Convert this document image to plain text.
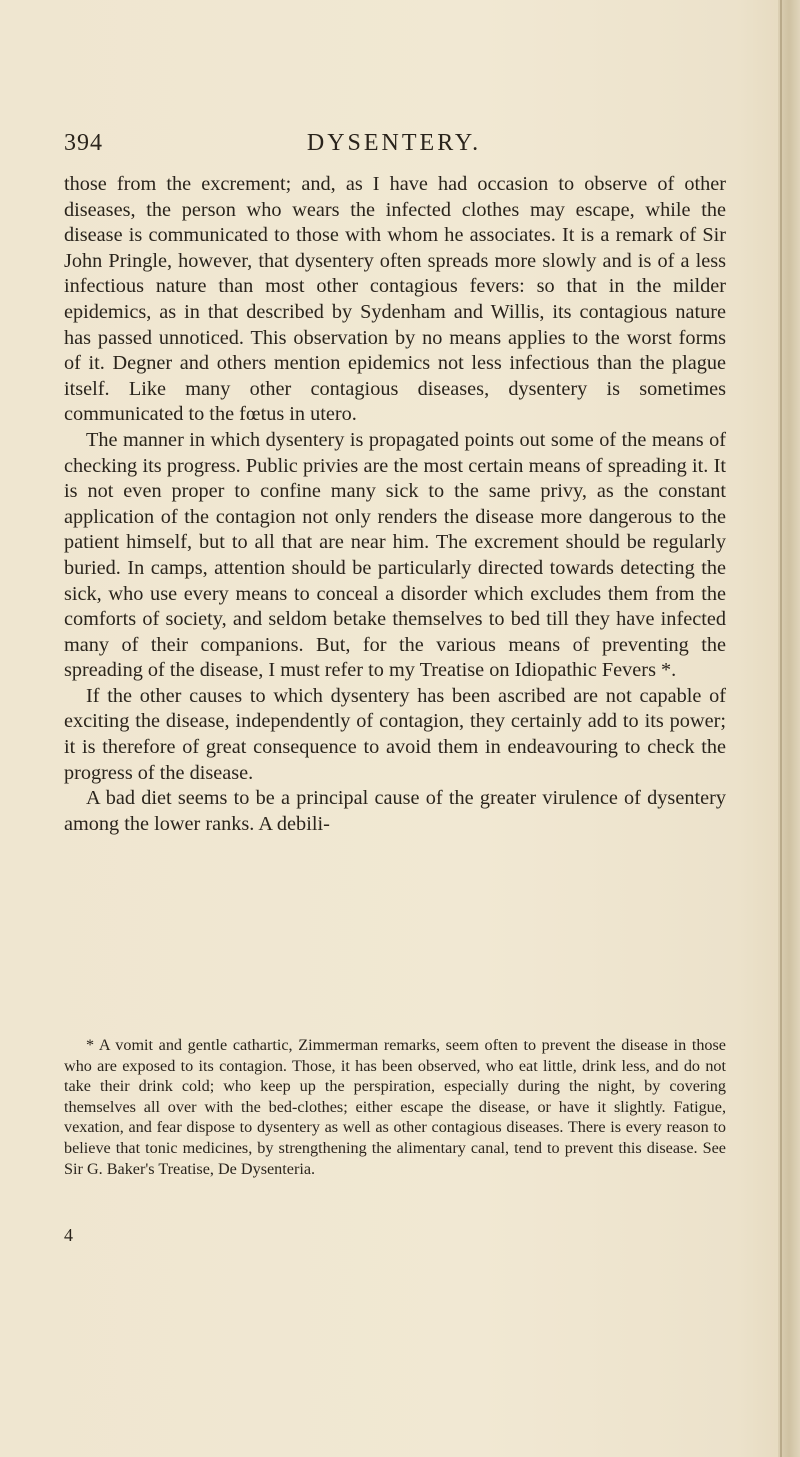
394	DYSENTERY.

those from the excrement; and, as I have had occasion to observe of other diseases, the person who wears the infected clothes may escape, while the disease is communicated to those with whom he associates. It is a remark of Sir John Pringle, however, that dysentery often spreads more slowly and is of a less infectious nature than most other contagious fevers: so that in the milder epidemics, as in that described by Sydenham and Willis, its contagious nature has passed unnoticed. This observation by no means applies to the worst forms of it. Degner and others mention epidemics not less infectious than the plague itself. Like many other contagious diseases, dysentery is sometimes communicated to the fœtus in utero.

The manner in which dysentery is propagated points out some of the means of checking its progress. Public privies are the most certain means of spreading it. It is not even proper to confine many sick to the same privy, as the constant application of the contagion not only renders the disease more dangerous to the patient himself, but to all that are near him. The excrement should be regularly buried. In camps, attention should be particularly directed towards detecting the sick, who use every means to conceal a disorder which excludes them from the comforts of society, and seldom betake themselves to bed till they have infected many of their companions. But, for the various means of preventing the spreading of the disease, I must refer to my Treatise on Idiopathic Fevers *.

If the other causes to which dysentery has been ascribed are not capable of exciting the disease, independently of contagion, they certainly add to its power; it is therefore of great consequence to avoid them in endeavouring to check the progress of the disease.

A bad diet seems to be a principal cause of the greater virulence of dysentery among the lower ranks. A debili-

* A vomit and gentle cathartic, Zimmerman remarks, seem often to prevent the disease in those who are exposed to its contagion. Those, it has been observed, who eat little, drink less, and do not take their drink cold; who keep up the perspiration, especially during the night, by covering themselves all over with the bed-clothes; either escape the disease, or have it slightly. Fatigue, vexation, and fear dispose to dysentery as well as other contagious diseases. There is every reason to believe that tonic medicines, by strengthening the alimentary canal, tend to prevent this disease. See Sir G. Baker's Treatise, De Dysenteria.

4
